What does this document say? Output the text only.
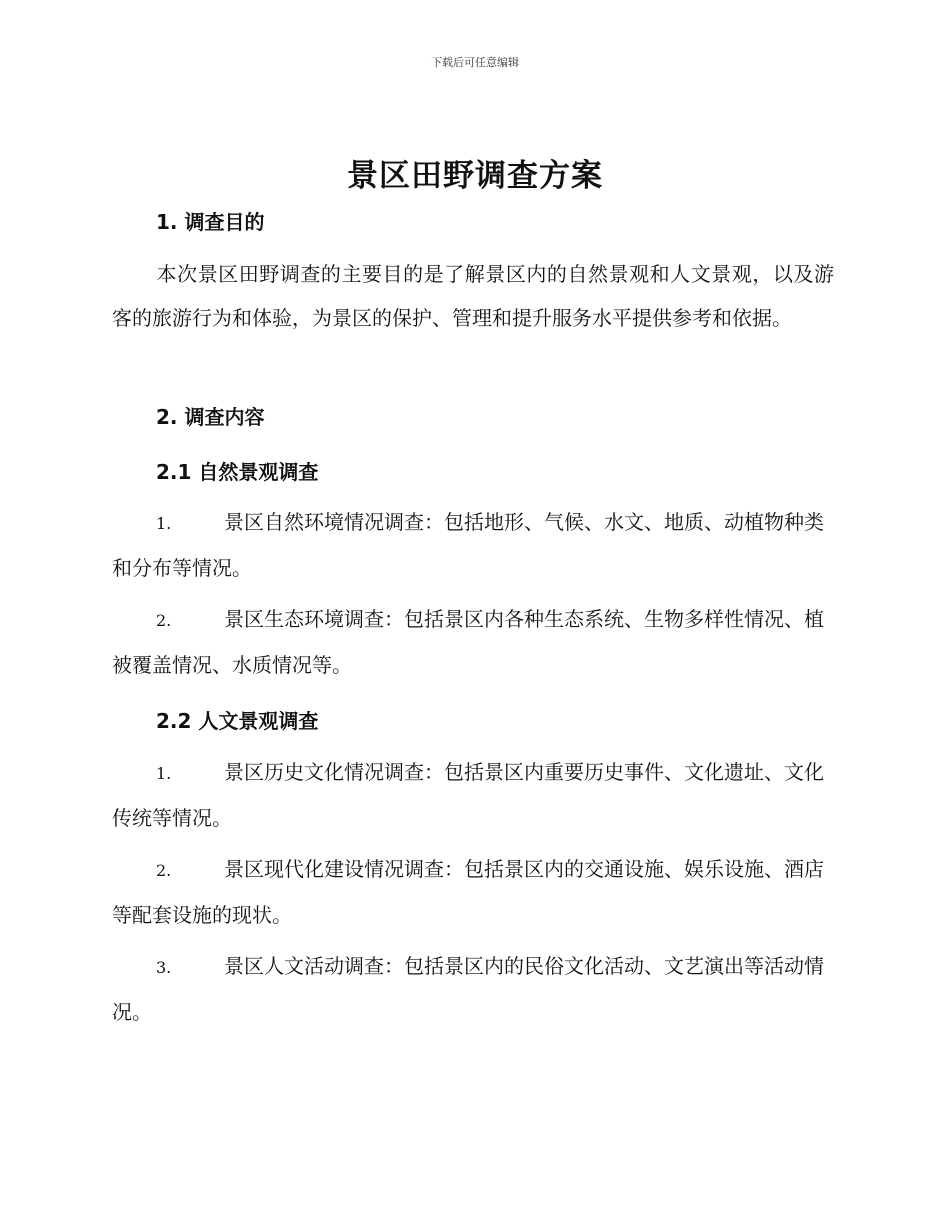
下载后可任意编辑
景区田野调查方案
1. 调查目的
本次景区田野调查的主要目的是了解景区内的自然景观和人文景观，以及游客的旅游行为和体验，为景区的保护、管理和提升服务水平提供参考和依据。
2. 调查内容
2.1 自然景观调查
1.	景区自然环境情况调查：包括地形、气候、水文、地质、动植物种类和分布等情况。
2.	景区生态环境调查：包括景区内各种生态系统、生物多样性情况、植被覆盖情况、水质情况等。
2.2 人文景观调查
1.	景区历史文化情况调查：包括景区内重要历史事件、文化遗址、文化传统等情况。
2.	景区现代化建设情况调查：包括景区内的交通设施、娱乐设施、酒店等配套设施的现状。
3.	景区人文活动调查：包括景区内的民俗文化活动、文艺演出等活动情况。
